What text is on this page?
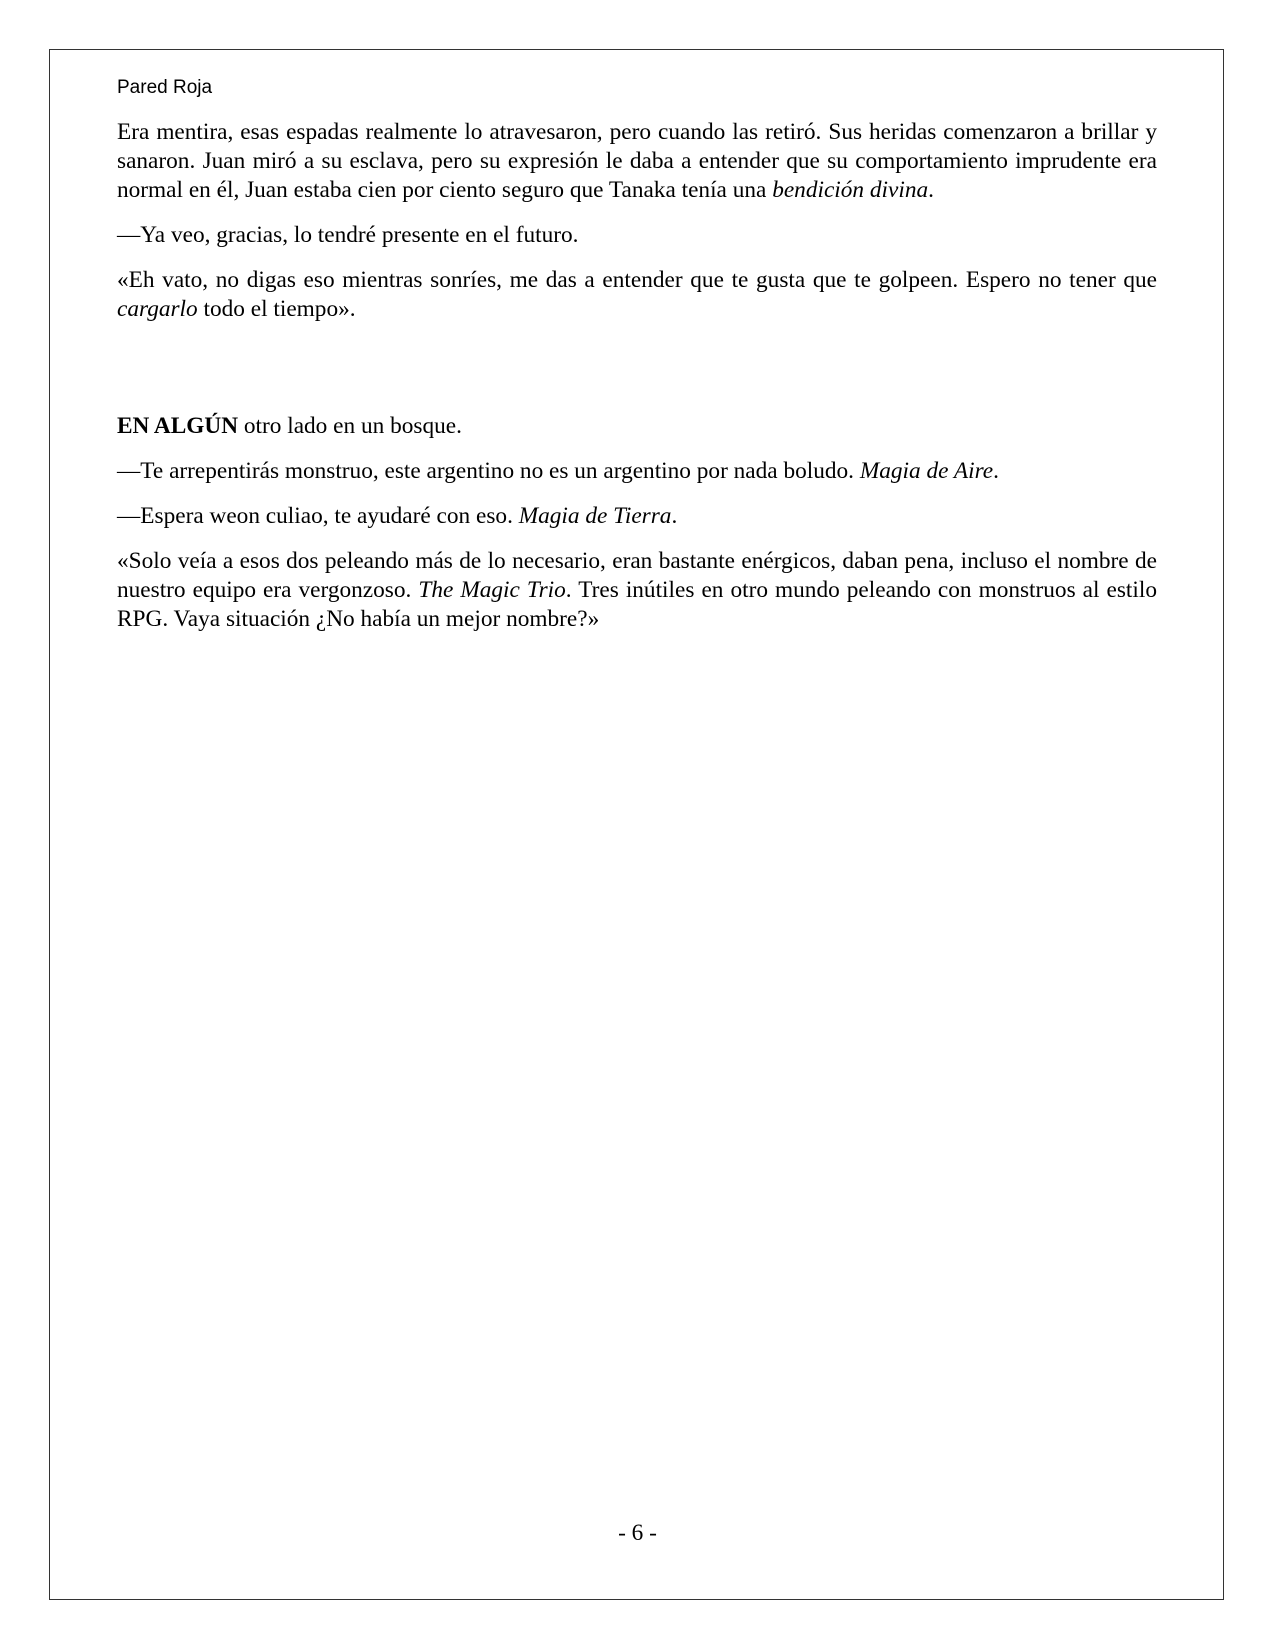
Pared Roja

Era mentira, esas espadas realmente lo atravesaron, pero cuando las retiró. Sus heridas comenzaron a brillar y sanaron. Juan miró a su esclava, pero su expresión le daba a entender que su comportamiento imprudente era normal en él, Juan estaba cien por ciento seguro que Tanaka tenía una bendición divina.

—Ya veo, gracias, lo tendré presente en el futuro.

«Eh vato, no digas eso mientras sonríes, me das a entender que te gusta que te golpeen. Espero no tener que cargarlo todo el tiempo».

EN ALGÚN otro lado en un bosque.

—Te arrepentirás monstruo, este argentino no es un argentino por nada boludo. Magia de Aire.

—Espera weon culiao, te ayudaré con eso. Magia de Tierra.

«Solo veía a esos dos peleando más de lo necesario, eran bastante enérgicos, daban pena, incluso el nombre de nuestro equipo era vergonzoso. The Magic Trio. Tres inútiles en otro mundo peleando con monstruos al estilo RPG. Vaya situación ¿No había un mejor nombre?»

- 6 -
